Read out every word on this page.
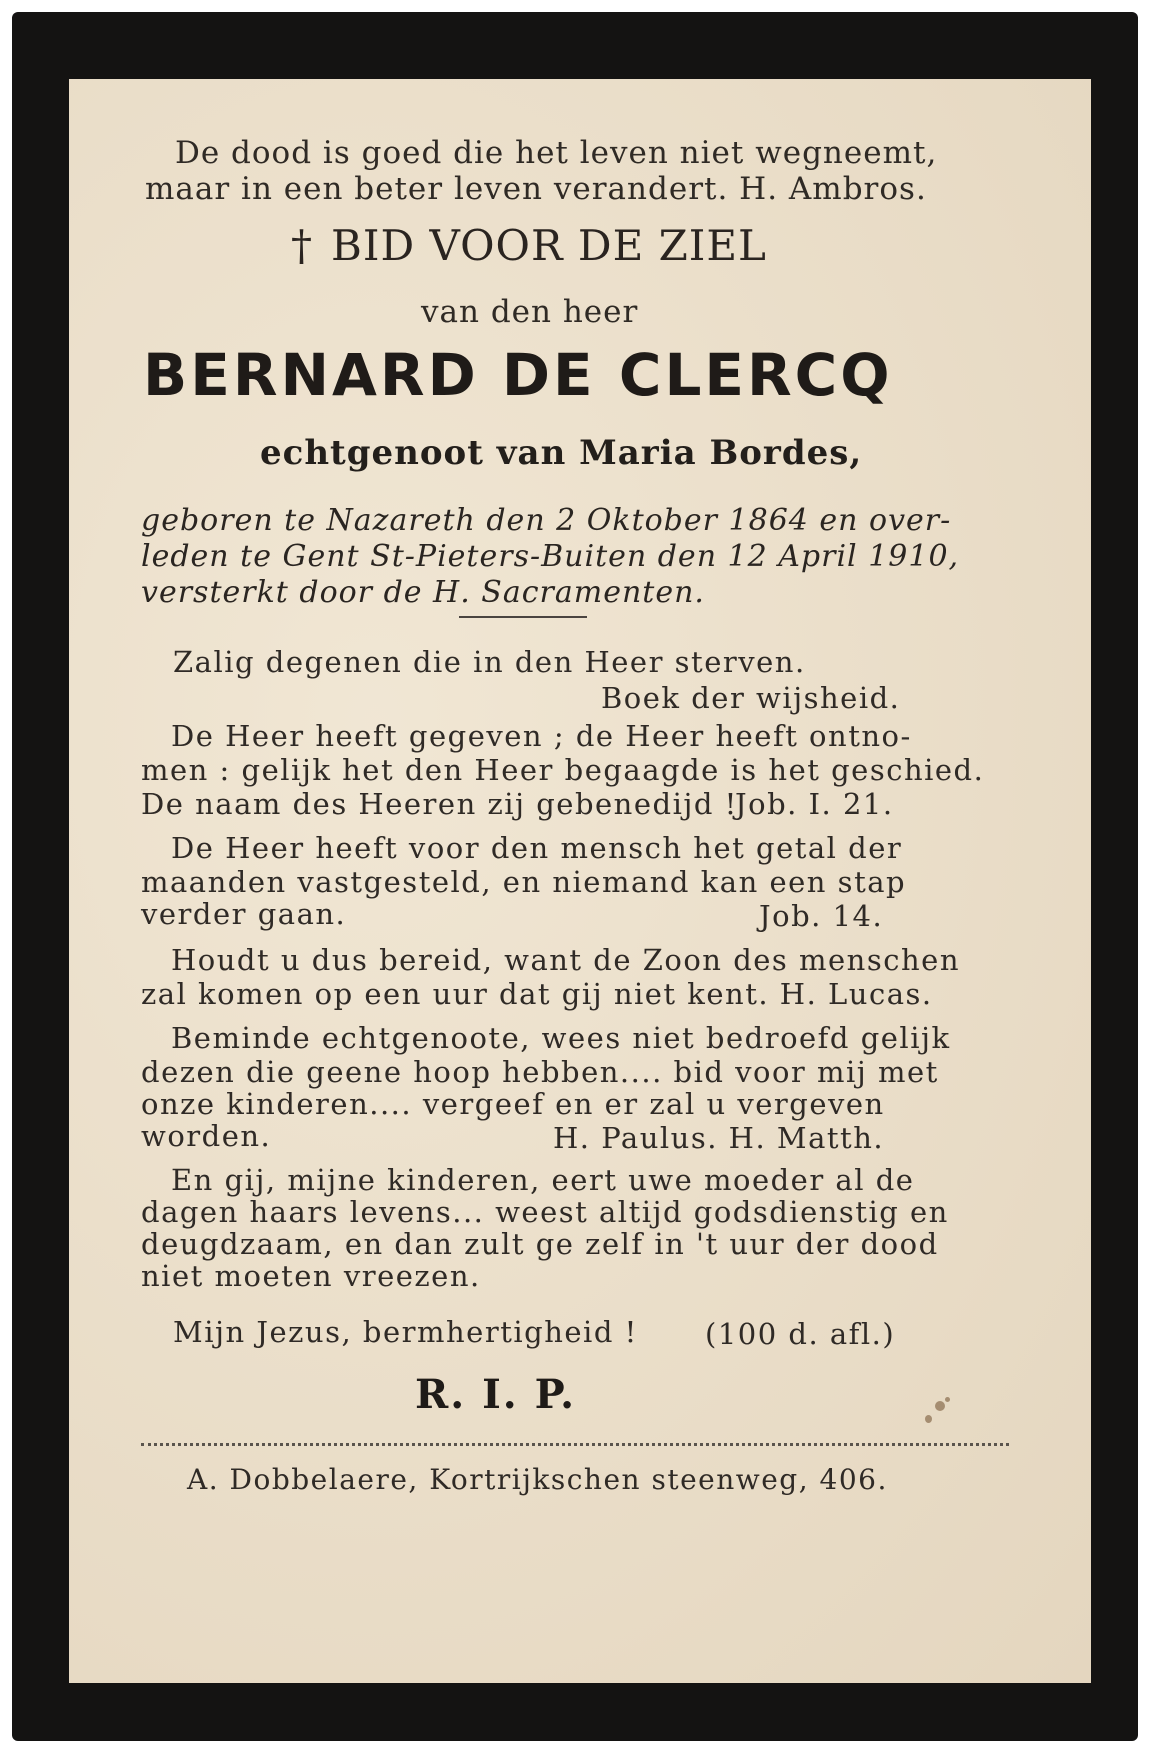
De dood is goed die het leven niet wegneemt,
maar in een beter leven verandert. H. Ambros.
† BID VOOR DE ZIEL
van den heer
BERNARD DE CLERCQ
echtgenoot van Maria Bordes,
geboren te Nazareth den 2 Oktober 1864 en over-
leden te Gent St-Pieters-Buiten den 12 April 1910,
versterkt door de H. Sacramenten.
Zalig degenen die in den Heer sterven.
Boek der wijsheid.
De Heer heeft gegeven ; de Heer heeft ontno-
men : gelijk het den Heer begaagde is het geschied.
De naam des Heeren zij gebenedijd !
Job. I. 21.
De Heer heeft voor den mensch het getal der
maanden vastgesteld, en niemand kan een stap
verder gaan.	Job. 14.
Houdt u dus bereid, want de Zoon des menschen
zal komen op een uur dat gij niet kent. H. Lucas.
Beminde echtgenoote, wees niet bedroefd gelijk
dezen die geene hoop hebben.... bid voor mij met
onze kinderen.... vergeef en er zal u vergeven
worden.	H. Paulus. H. Matth.
En gij, mijne kinderen, eert uwe moeder al de
dagen haars levens... weest altijd godsdienstig en
deugdzaam, en dan zult ge zelf in 't uur der dood
niet moeten vreezen.
Mijn Jezus, bermhertigheid ! (100 d. afl.)
R. I. P.
A. Dobbelaere, Kortrijkschen steenweg, 406.
